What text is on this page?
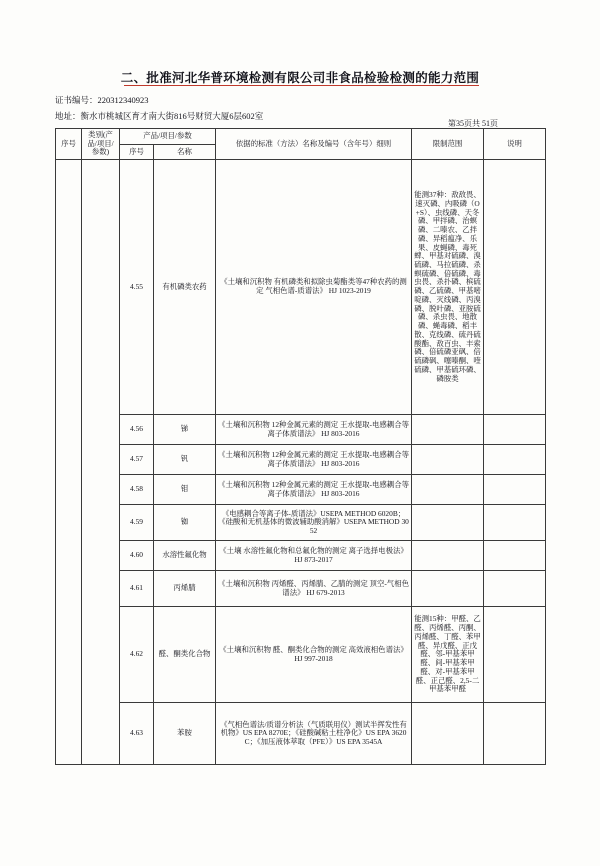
二、批准河北华普环境检测有限公司非食品检验检测的能力范围
证书编号：220312340923
地址：衡水市桃城区育才南大街816号财贸大厦6层602室
第35页共 51页
序号	类别(产品/项目/参数)	产品/项目/参数		依据的标准（方法）名称及编号（含年号）细则	限制范围	说明
		序号	名称			
		4.55	有机磷类农药	《土壤和沉积物 有机磷类和拟除虫菊酯类等47种农药的测定 气相色谱-质谱法》 HJ 1023-2019	能测37种：敌敌畏、速灭磷、内吸磷（O+S）、虫线磷、天冬磷、甲拌磷、治螟磷、二嗪农、乙拌磷、异稻瘟净、乐果、皮蝇磷、毒死蜱、甲基对硫磷、溴硫磷、马拉硫磷、杀螟硫磷、倍硫磷、毒虫畏、杀扑磷、槟硫磷、乙硫磷、甲基嘧啶磷、灭线磷、丙溴磷、脱叶磷、亚胺硫磷、杀虫畏、地散磷、蝇毒磷、稻丰散、克线磷、硫丹硫酸酯、敌百虫、丰索磷、倍硫磷亚砜、倍硫磷砜、噻嗪酮、喹硫磷、甲基硫环磷、磷胺类	
		4.56	锑	《土壤和沉积物 12种金属元素的测定 王水提取-电感耦合等离子体质谱法》 HJ 803-2016		
		4.57	钒	《土壤和沉积物 12种金属元素的测定 王水提取-电感耦合等离子体质谱法》 HJ 803-2016		
		4.58	钼	《土壤和沉积物 12种金属元素的测定 王水提取-电感耦合等离子体质谱法》 HJ 803-2016		
		4.59	铷	《电感耦合等离子体-质谱法》USEPA METHOD 6020B；《硅酸和无机基体的微波辅助酸消解》USEPA METHOD 3052		
		4.60	水溶性氟化物	《土壤 水溶性氟化物和总氟化物的测定 离子选择电极法》 HJ 873-2017		
		4.61	丙烯腈	《土壤和沉积物 丙烯醛、丙烯腈、乙腈的测定 顶空-气相色谱法》 HJ 679-2013		
		4.62	醛、酮类化合物	《土壤和沉积物 醛、酮类化合物的测定 高效液相色谱法》 HJ 997-2018	能测15种：甲醛、乙醛、丙烯醛、丙酮、丙烯醛、丁醛、苯甲醛、异戊醛、正戊醛、邻-甲基苯甲醛、间-甲基苯甲醛、对-甲基苯甲醛、正己醛、2,5-二甲基苯甲醛	
		4.63	苯胺	《气相色谱法/质谱分析法（气质联用仪）测试半挥发性有机物》US EPA 8270E；《硅酸碱粘土柱净化》US EPA 3620C；《加压液体萃取（PFE）》US EPA 3545A		
